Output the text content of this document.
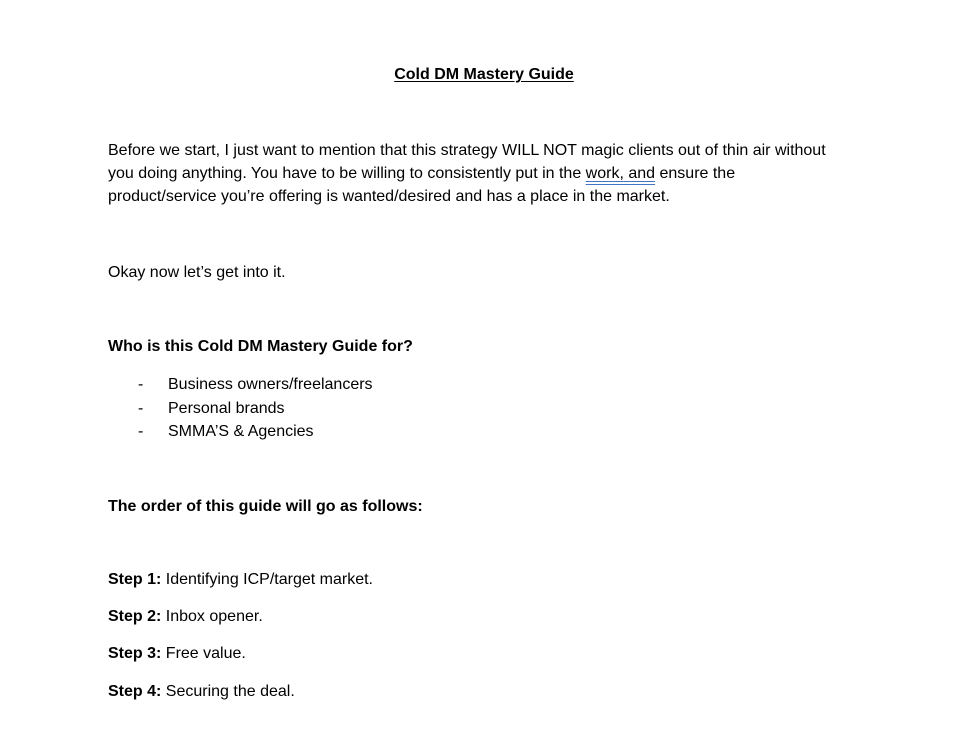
Cold DM Mastery Guide

Before we start, I just want to mention that this strategy WILL NOT magic clients out of thin air without you doing anything. You have to be willing to consistently put in the work, and ensure the product/service you’re offering is wanted/desired and has a place in the market.

Okay now let’s get into it.

Who is this Cold DM Mastery Guide for?

- Business owners/freelancers
- Personal brands
- SMMA’S & Agencies

The order of this guide will go as follows:

Step 1: Identifying ICP/target market.

Step 2: Inbox opener.

Step 3: Free value.

Step 4: Securing the deal.
